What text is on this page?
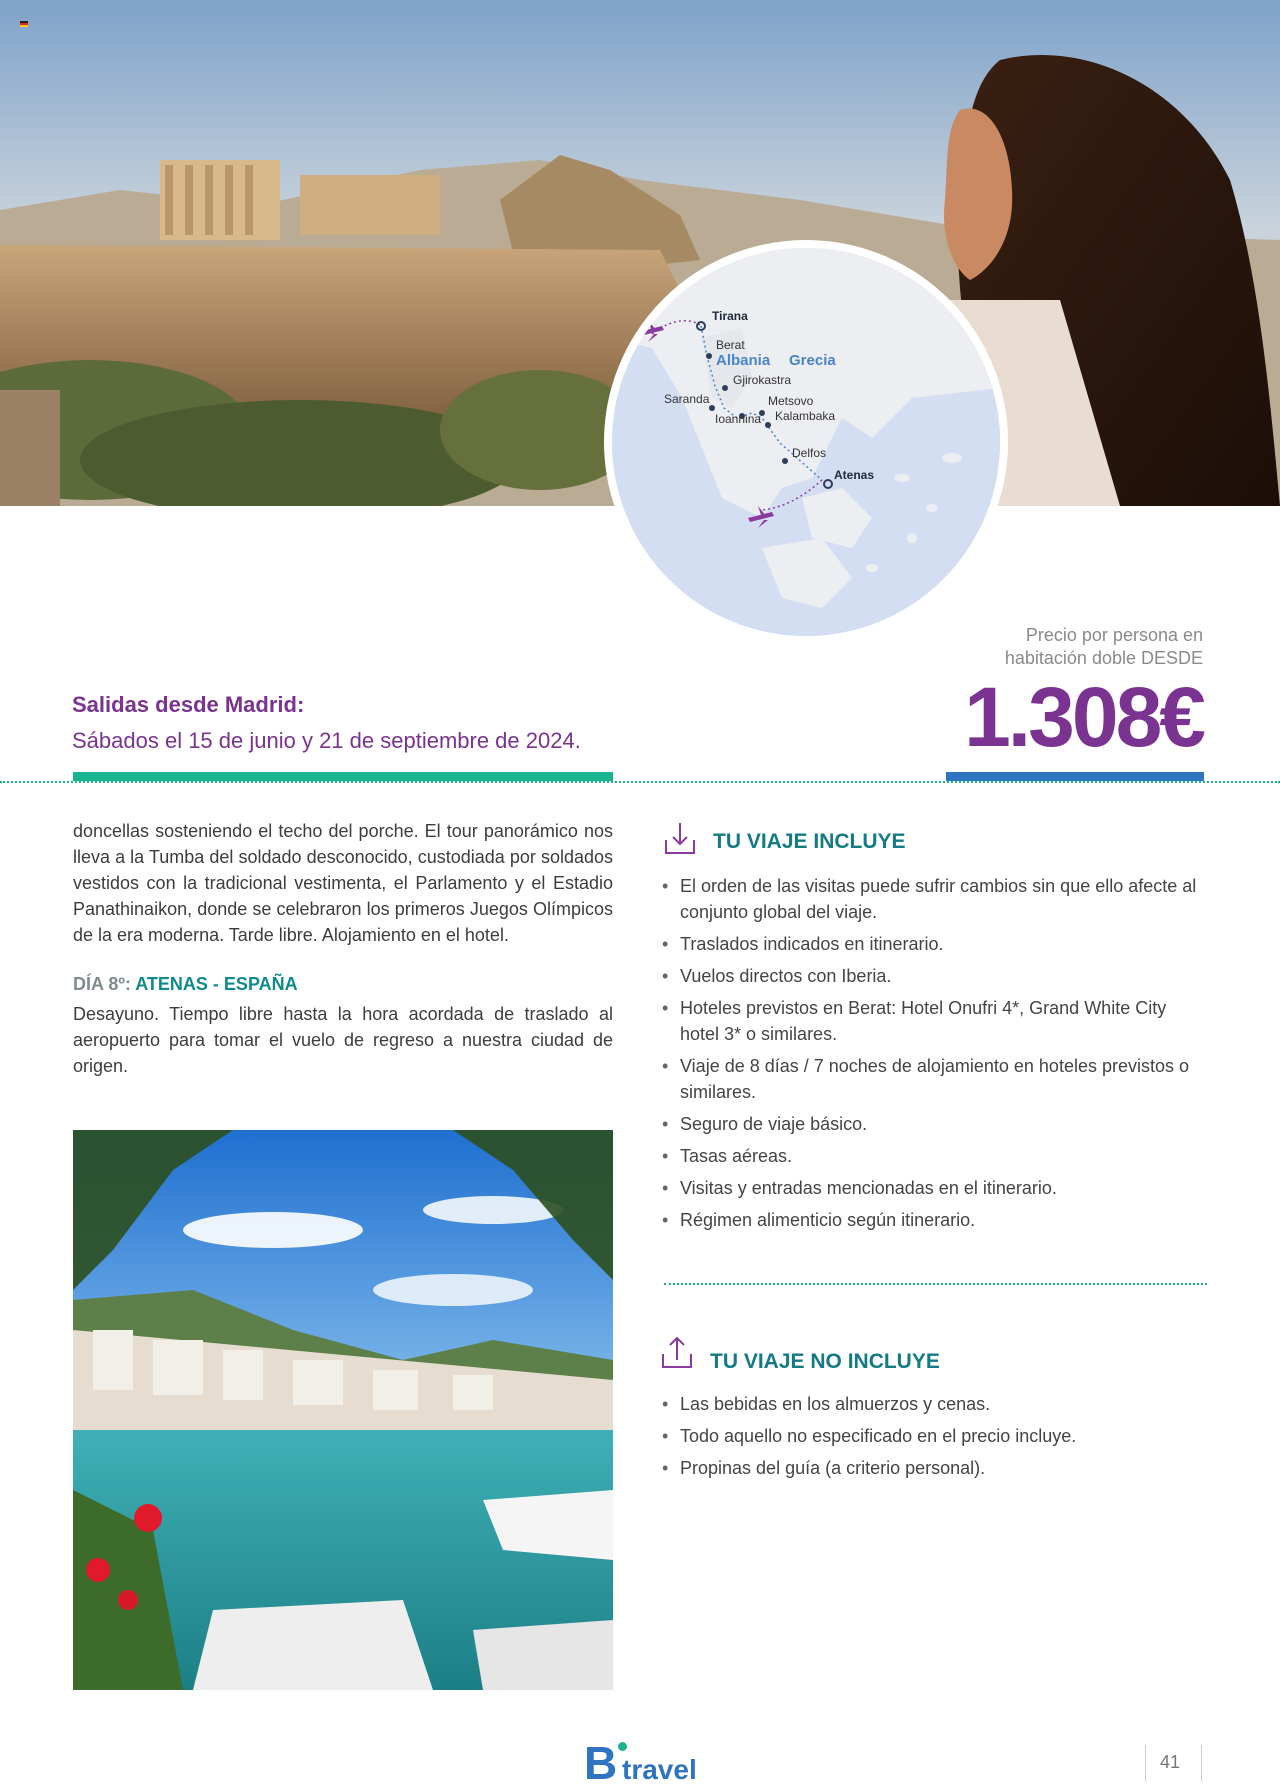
Tirana
Berat
Gjirokastra
Saranda	Metsovo
Ioannina Kalambaka
Delfos
Atenas
Albania Grecia
Precio por persona en
habitación doble DESDE
1.308€
Salidas desde Madrid:
Sábados el 15 de junio y 21 de septiembre de 2024.
doncellas sosteniendo el techo del porche. El tour panorámico nos lleva a la Tumba del soldado desconocido, custodiada por soldados vestidos con la tradicional vestimenta, el Parlamento y el Estadio Panathinaikon, donde se celebraron los primeros Juegos Olímpicos de la era moderna. Tarde libre. Alojamiento en el hotel.
DÍA 8º: ATENAS - ESPAÑA
Desayuno. Tiempo libre hasta la hora acordada de traslado al aeropuerto para tomar el vuelo de regreso a nuestra ciudad de origen.
TU VIAJE INCLUYE
• El orden de las visitas puede sufrir cambios sin que ello afecte al conjunto global del viaje.
• Traslados indicados en itinerario.
• Vuelos directos con Iberia.
• Hoteles previstos en Berat: Hotel Onufri 4*, Grand White City hotel 3* o similares.
• Viaje de 8 días / 7 noches de alojamiento en hoteles previstos o similares.
• Seguro de viaje básico.
• Tasas aéreas.
• Visitas y entradas mencionadas en el itinerario.
• Régimen alimenticio según itinerario.
TU VIAJE NO INCLUYE
• Las bebidas en los almuerzos y cenas.
• Todo aquello no especificado en el precio incluye.
• Propinas del guía (a criterio personal).
B travel	41
